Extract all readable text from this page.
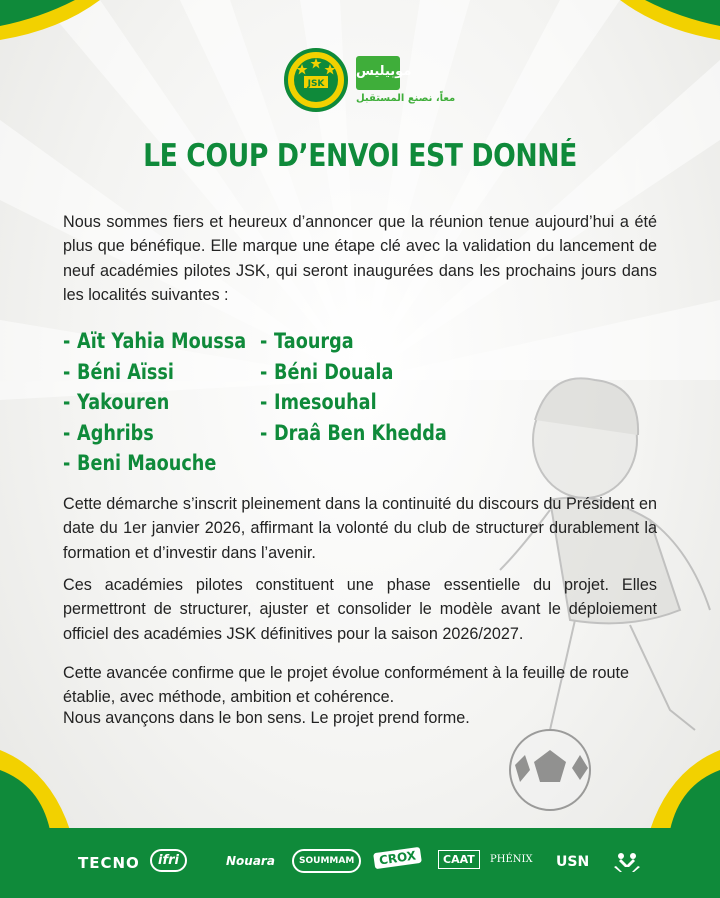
JSK
موبيليس
معاً، نصنع المستقبل
LE COUP D’ENVOI EST DONNÉ

Nous sommes fiers et heureux d’annoncer que la réunion tenue aujourd’hui a été plus que bénéfique. Elle marque une étape clé avec la validation du lancement de neuf académies pilotes JSK, qui seront inaugurées dans les prochains jours dans les localités suivantes :

- Aït Yahia Moussa
- Béni Aïssi
- Yakouren
- Aghribs
- Beni Maouche
- Taourga
- Béni Douala
- Imesouhal
- Draâ Ben Khedda

Cette démarche s’inscrit pleinement dans la continuité du discours du Président en date du 1er janvier 2026, affirmant la volonté du club de structurer durablement la formation et d’investir dans l’avenir.

Ces académies pilotes constituent une phase essentielle du projet. Elles permettront de structurer, ajuster et consolider le modèle avant le déploiement officiel des académies JSK définitives pour la saison 2026/2027.

Cette avancée confirme que le projet évolue conformément à la feuille de route établie, avec méthode, ambition et cohérence.

Nous avançons dans le bon sens. Le projet prend forme.

TECNO	ifri	Nouara	SOUMMAM	CROX	CAAT	PHÉNIX USN
